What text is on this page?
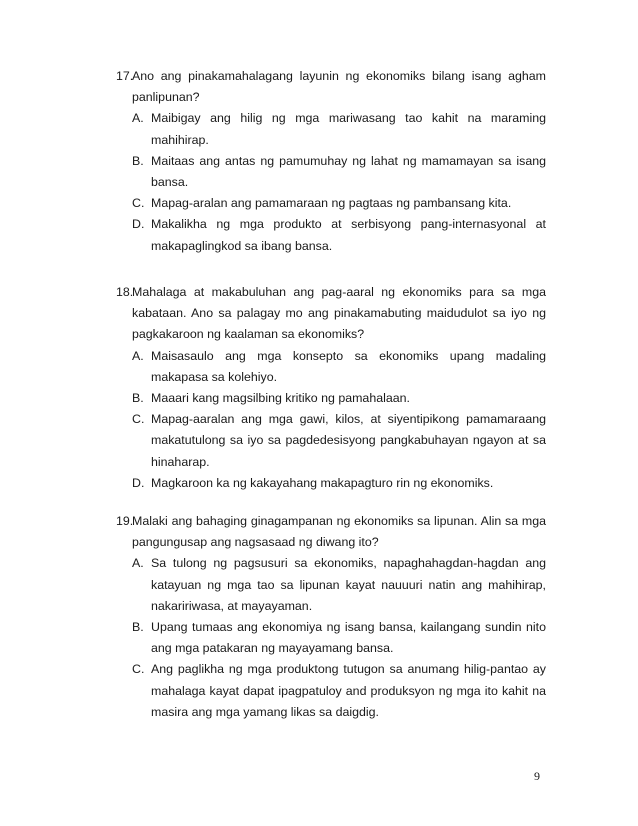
17.
Ano ang pinakamahalagang layunin ng ekonomiks bilang isang agham panlipunan?
A. Maibigay ang hilig ng mga mariwasang tao kahit na maraming mahihirap.
B. Maitaas ang antas ng pamumuhay ng lahat ng mamamayan sa isang bansa.
C. Mapag-aralan ang pamamaraan ng pagtaas ng pambansang kita.
D. Makalikha ng mga produkto at serbisyong pang-internasyonal at makapaglingkod sa ibang bansa.
18.
Mahalaga at makabuluhan ang pag-aaral ng ekonomiks para sa mga kabataan. Ano sa palagay mo ang pinakamabuting maidudulot sa iyo ng pagkakaroon ng kaalaman sa ekonomiks?
A. Maisasaulo ang mga konsepto sa ekonomiks upang madaling makapasa sa kolehiyo.
B. Maaari kang magsilbing kritiko ng pamahalaan.
C. Mapag-aaralan ang mga gawi, kilos, at siyentipikong pamamaraang makatutulong sa iyo sa pagdedesisyong pangkabuhayan ngayon at sa hinaharap.
D. Magkaroon ka ng kakayahang makapagturo rin ng ekonomiks.
19.
Malaki ang bahaging ginagampanan ng ekonomiks sa lipunan. Alin sa mga pangungusap ang nagsasaad ng diwang ito?
A. Sa tulong ng pagsusuri sa ekonomiks, napaghahagdan-hagdan ang katayuan ng mga tao sa lipunan kayat nauuuri natin ang mahihirap, nakaririwasa, at mayayaman.
B. Upang tumaas ang ekonomiya ng isang bansa, kailangang sundin nito ang mga patakaran ng mayayamang bansa.
C. Ang paglikha ng mga produktong tutugon sa anumang hilig-pantao ay mahalaga kayat dapat ipagpatuloy and produksyon ng mga ito kahit na masira ang mga yamang likas sa daigdig.
9
